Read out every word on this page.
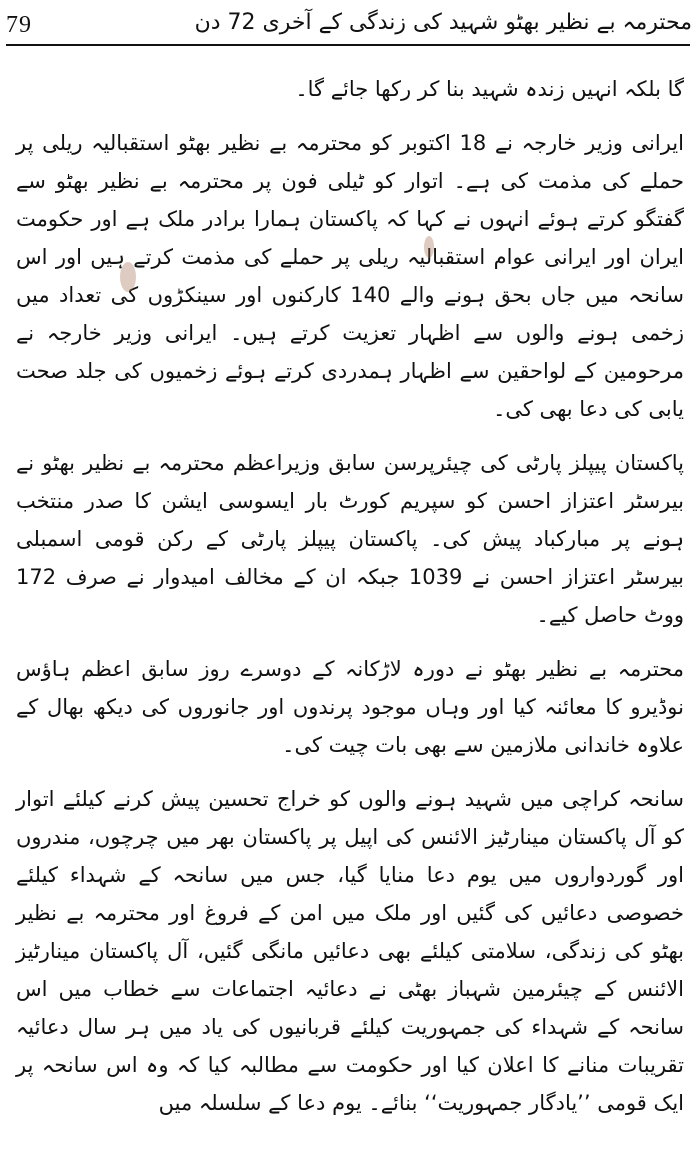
محترمہ بے نظیر بھٹو شہید کی زندگی کے آخری 72 دن
79

گا بلکہ انہیں زندہ شہید بنا کر رکھا جائے گا۔

ایرانی وزیر خارجہ نے 18 اکتوبر کو محترمہ بے نظیر بھٹو استقبالیہ ریلی پر حملے کی مذمت کی ہے۔ اتوار کو ٹیلی فون پر محترمہ بے نظیر بھٹو سے گفتگو کرتے ہوئے انہوں نے کہا کہ پاکستان ہمارا برادر ملک ہے اور حکومت ایران اور ایرانی عوام استقبالیہ ریلی پر حملے کی مذمت کرتے ہیں اور اس سانحہ میں جاں بحق ہونے والے 140 کارکنوں اور سینکڑوں کی تعداد میں زخمی ہونے والوں سے اظہار تعزیت کرتے ہیں۔ ایرانی وزیر خارجہ نے مرحومین کے لواحقین سے اظہار ہمدردی کرتے ہوئے زخمیوں کی جلد صحت یابی کی دعا بھی کی۔

پاکستان پیپلز پارٹی کی چیئرپرسن سابق وزیراعظم محترمہ بے نظیر بھٹو نے بیرسٹر اعتزاز احسن کو سپریم کورٹ بار ایسوسی ایشن کا صدر منتخب ہونے پر مبارکباد پیش کی۔ پاکستان پیپلز پارٹی کے رکن قومی اسمبلی بیرسٹر اعتزاز احسن نے 1039 جبکہ ان کے مخالف امیدوار نے صرف 172 ووٹ حاصل کیے۔

محترمہ بے نظیر بھٹو نے دورہ لاڑکانہ کے دوسرے روز سابق اعظم ہاؤس نوڈیرو کا معائنہ کیا اور وہاں موجود پرندوں اور جانوروں کی دیکھ بھال کے علاوہ خاندانی ملازمین سے بھی بات چیت کی۔

سانحہ کراچی میں شہید ہونے والوں کو خراج تحسین پیش کرنے کیلئے اتوار کو آل پاکستان مینارٹیز الائنس کی اپیل پر پاکستان بھر میں چرچوں، مندروں اور گوردواروں میں یوم دعا منایا گیا، جس میں سانحہ کے شہداء کیلئے خصوصی دعائیں کی گئیں اور ملک میں امن کے فروغ اور محترمہ بے نظیر بھٹو کی زندگی، سلامتی کیلئے بھی دعائیں مانگی گئیں، آل پاکستان مینارٹیز الائنس کے چیئرمین شہباز بھٹی نے دعائیہ اجتماعات سے خطاب میں اس سانحہ کے شہداء کی جمہوریت کیلئے قربانیوں کی یاد میں ہر سال دعائیہ تقریبات منانے کا اعلان کیا اور حکومت سے مطالبہ کیا کہ وہ اس سانحہ پر ایک قومی ’’یادگار جمہوریت‘‘ بنائے۔ یوم دعا کے سلسلہ میں
